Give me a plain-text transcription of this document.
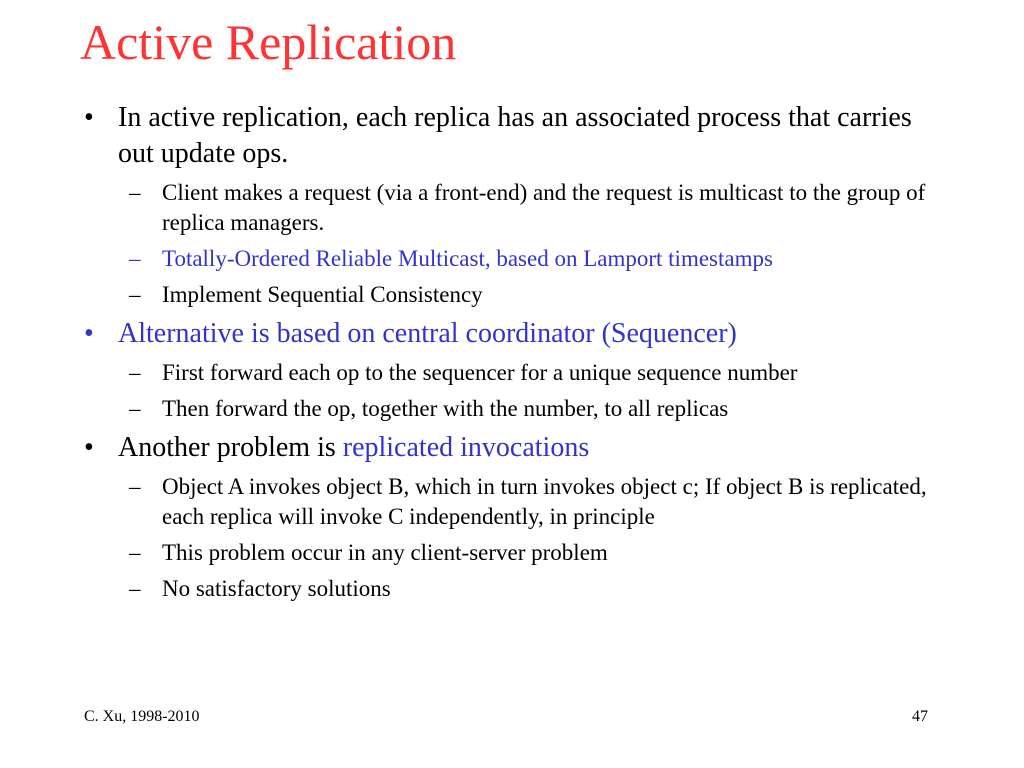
Active Replication
• In active replication, each replica has an associated process that carries out update ops.
– Client makes a request (via a front-end) and the request is multicast to the group of replica managers.
– Totally-Ordered Reliable Multicast, based on Lamport timestamps
– Implement Sequential Consistency
• Alternative is based on central coordinator (Sequencer)
– First forward each op to the sequencer for a unique sequence number
– Then forward the op, together with the number, to all replicas
• Another problem is replicated invocations
– Object A invokes object B, which in turn invokes object c; If object B is replicated, each replica will invoke C independently, in principle
– This problem occur in any client-server problem
– No satisfactory solutions
C. Xu, 1998-2010	47
